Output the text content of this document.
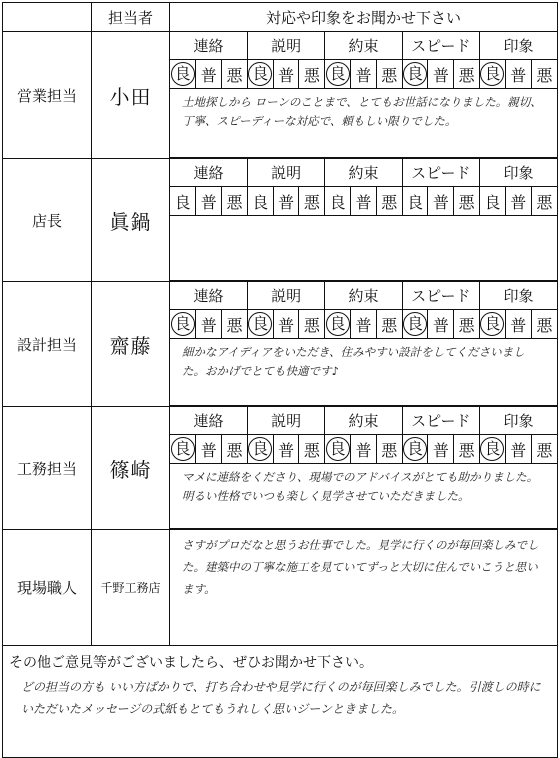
	担当者	対応や印象をお聞かせ下さい
営業担当	小田	
連絡	説明	約束	スピード	印象
良	普	悪	良	普	悪	良	普	悪	良	普	悪	良	普	悪
土地探しから ローンのことまで、とてもお世話になりました。親切、丁寧、スピーディーな対応で、頼もしい限りでした。

店長	眞鍋	
連絡	説明	約束	スピード	印象
良	普	悪	良	普	悪	良	普	悪	良	普	悪	良	普	悪

設計担当	齋藤	
連絡	説明	約束	スピード	印象
良	普	悪	良	普	悪	良	普	悪	良	普	悪	良	普	悪
細かなアイディアをいただき、住みやすい設計をしてくださいました。おかげでとても快適です♪

工務担当	篠崎	
連絡	説明	約束	スピード	印象
良	普	悪	良	普	悪	良	普	悪	良	普	悪	良	普	悪
マメに連絡をくださり、現場でのアドバイスがとても助かりました。明るい性格でいつも楽しく見学させていただきました。

現場職人	千野工務店	さすがプロだなと思うお仕事でした。見学に行くのが毎回楽しみでした。建築中の丁寧な施工を見ていてずっと大切に住んでいこうと思います。

その他ご意見等がございましたら、ぜひお聞かせ下さい。
どの担当の方も いい方ばかりで、打ち合わせや見学に行くのが毎回楽しみでした。引渡しの時にいただいたメッセージの式紙もとてもうれしく思いジーンときました。
